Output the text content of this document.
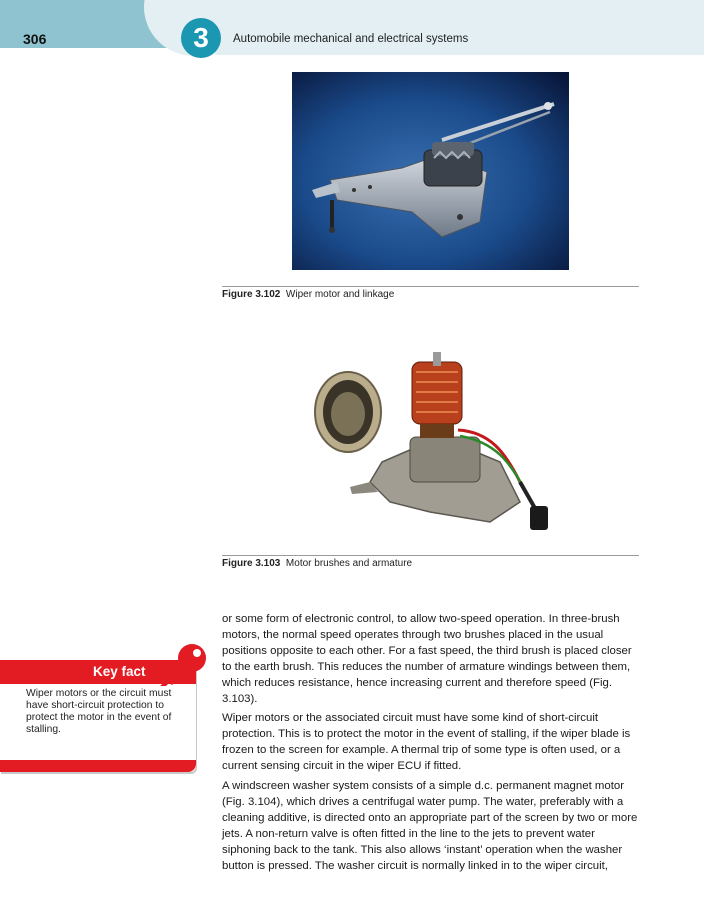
3
306	Automobile mechanical and electrical systems
Figure 3.102 Wiper motor and linkage
Figure 3.103 Motor brushes and armature
Key fact
Wiper motors or the circuit must have short-circuit protection to protect the motor in the event of stalling.

or some form of electronic control, to allow two-speed operation. In three-brush motors, the normal speed operates through two brushes placed in the usual positions opposite to each other. For a fast speed, the third brush is placed closer to the earth brush. This reduces the number of armature windings between them, which reduces resistance, hence increasing current and therefore speed (Fig. 3.103).

Wiper motors or the associated circuit must have some kind of short-circuit protection. This is to protect the motor in the event of stalling, if the wiper blade is frozen to the screen for example. A thermal trip of some type is often used, or a current sensing circuit in the wiper ECU if fitted.

A windscreen washer system consists of a simple d.c. permanent magnet motor (Fig. 3.104), which drives a centrifugal water pump. The water, preferably with a cleaning additive, is directed onto an appropriate part of the screen by two or more jets. A non-return valve is often fitted in the line to the jets to prevent water siphoning back to the tank. This also allows ‘instant’ operation when the washer button is pressed. The washer circuit is normally linked in to the wiper circuit,
